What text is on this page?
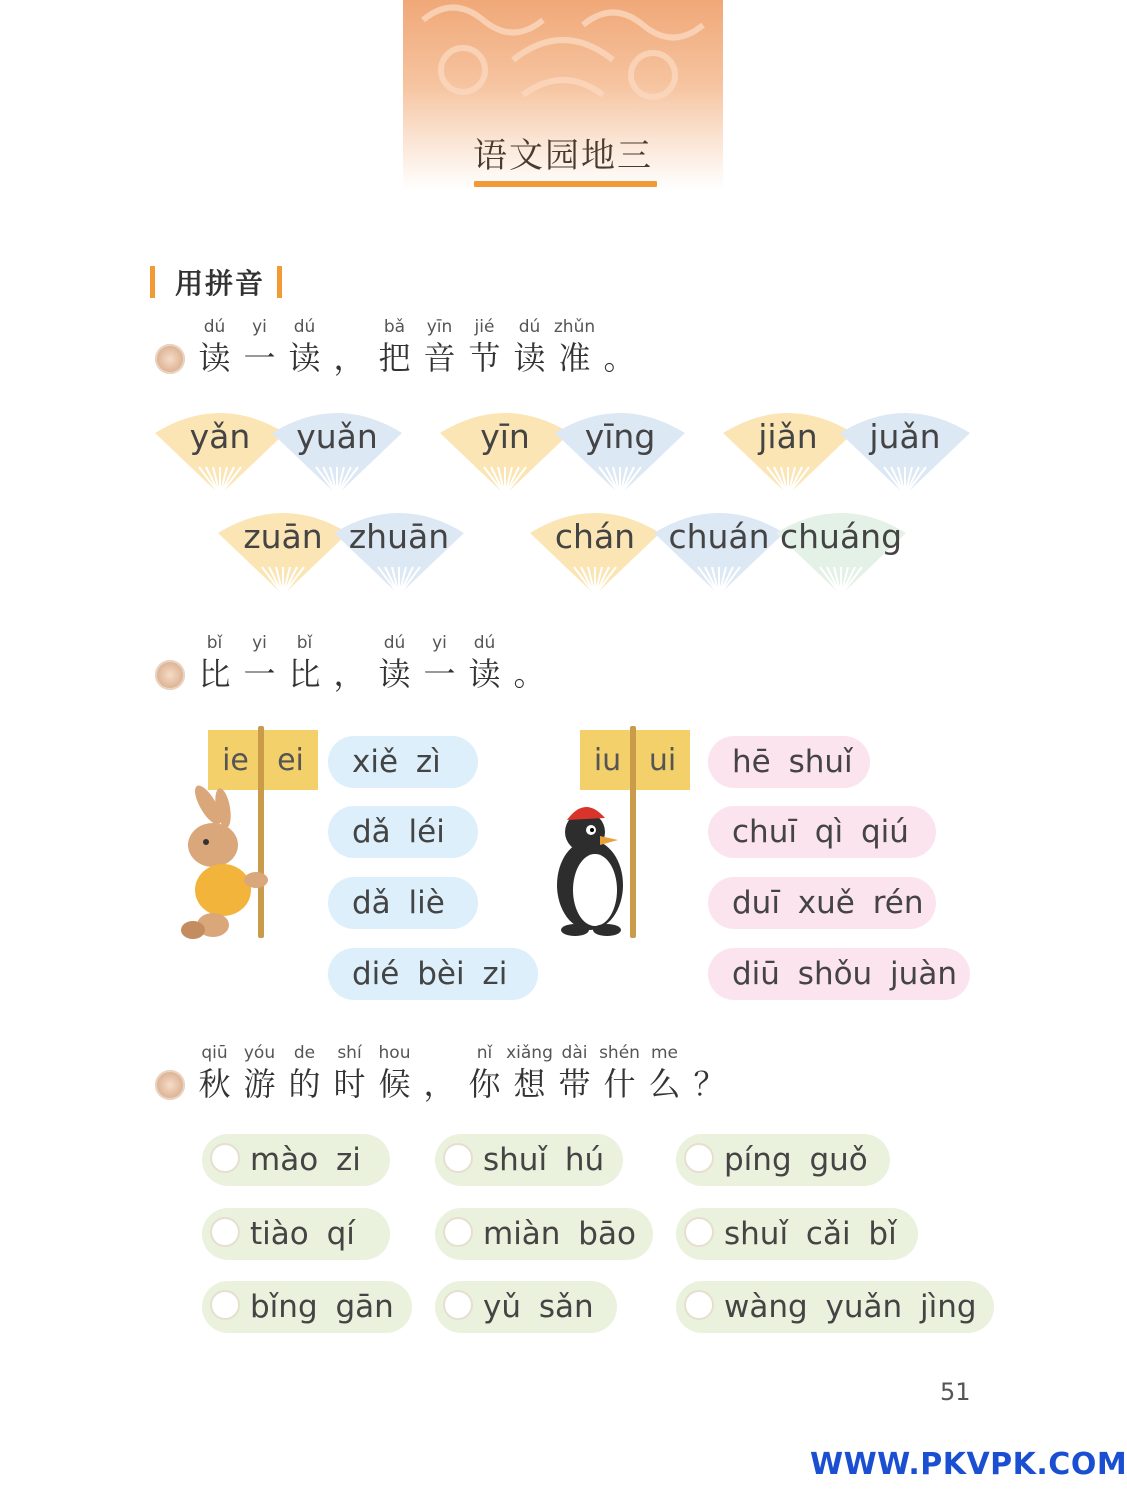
语文园地三
用拼音
dú
读
yi
一
dú
读 ，
bǎ
把
yīn
音
jié
节
dú
读
zhǔn
准 。
yǎn	yuǎn	yīn	yīng	jiǎn	juǎn
zuān zhuān	chán	chuán chuáng
bǐ
比
yi
一
bǐ
比 ，
dú
读
yi
一
dú
读 。
ie ei	xiě zì
dǎ léi
dǎ liè
dié bèi zi
iu ui	hē shuǐ
chuī qì qiú
duī xuě rén
diū shǒu juàn
qiū
秋
yóu
游
de
的
shí
时
hou
候 ，
nǐ
你
xiǎng
想
dài
带
shén
什
me
么 ？
mào zi	shuǐ hú	píng guǒ
tiào qí	miàn bāo	shuǐ cǎi bǐ
bǐng gān	yǔ sǎn	wàng yuǎn jìng
51
WWW.PKVPK.COM
